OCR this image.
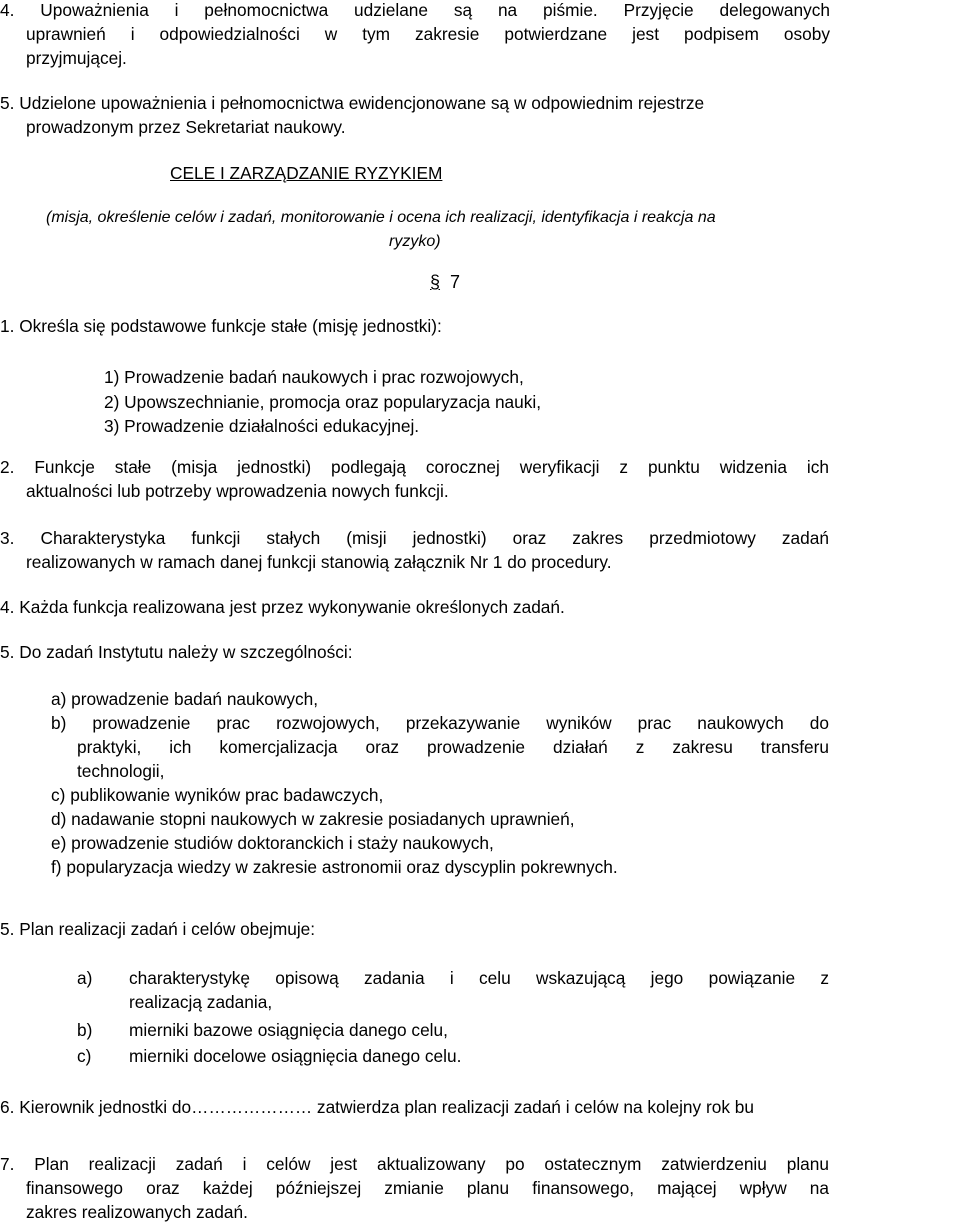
4. Upoważnienia i pełnomocnictwa udzielane są na piśmie. Przyjęcie delegowanych
uprawnień i odpowiedzialności w tym zakresie potwierdzane jest podpisem osoby
przyjmującej.
5. Udzielone upoważnienia i pełnomocnictwa ewidencjonowane są w odpowiednim rejestrze
prowadzonym przez Sekretariat naukowy.
CELE I ZARZĄDZANIE RYZYKIEM
(misja, określenie celów i zadań, monitorowanie i ocena ich realizacji, identyfikacja i reakcja na
ryzyko)
§ 7
1. Określa się podstawowe funkcje stałe (misję jednostki):
1) Prowadzenie badań naukowych i prac rozwojowych,
2) Upowszechnianie, promocja oraz popularyzacja nauki,
3) Prowadzenie działalności edukacyjnej.
2. Funkcje stałe (misja jednostki) podlegają corocznej weryfikacji z punktu widzenia ich
aktualności lub potrzeby wprowadzenia nowych funkcji.
3. Charakterystyka funkcji stałych (misji jednostki) oraz zakres przedmiotowy zadań
realizowanych w ramach danej funkcji stanowią załącznik Nr 1 do procedury.
4. Każda funkcja realizowana jest przez wykonywanie określonych zadań.
5. Do zadań Instytutu należy w szczególności:
a) prowadzenie badań naukowych,
b) prowadzenie prac rozwojowych, przekazywanie wyników prac naukowych do
praktyki, ich komercjalizacja oraz prowadzenie działań z zakresu transferu
technologii,
c) publikowanie wyników prac badawczych,
d) nadawanie stopni naukowych w zakresie posiadanych uprawnień,
e) prowadzenie studiów doktoranckich i staży naukowych,
f) popularyzacja wiedzy w zakresie astronomii oraz dyscyplin pokrewnych.
5. Plan realizacji zadań i celów obejmuje:
a) charakterystykę opisową zadania i celu wskazującą jego powiązanie z
realizacją zadania,
b) mierniki bazowe osiągnięcia danego celu,
c) mierniki docelowe osiągnięcia danego celu.
6. Kierownik jednostki do………………… zatwierdza plan realizacji zadań i celów na kolejny rok bu
7. Plan realizacji zadań i celów jest aktualizowany po ostatecznym zatwierdzeniu planu
finansowego oraz każdej późniejszej zmianie planu finansowego, mającej wpływ na
zakres realizowanych zadań.
